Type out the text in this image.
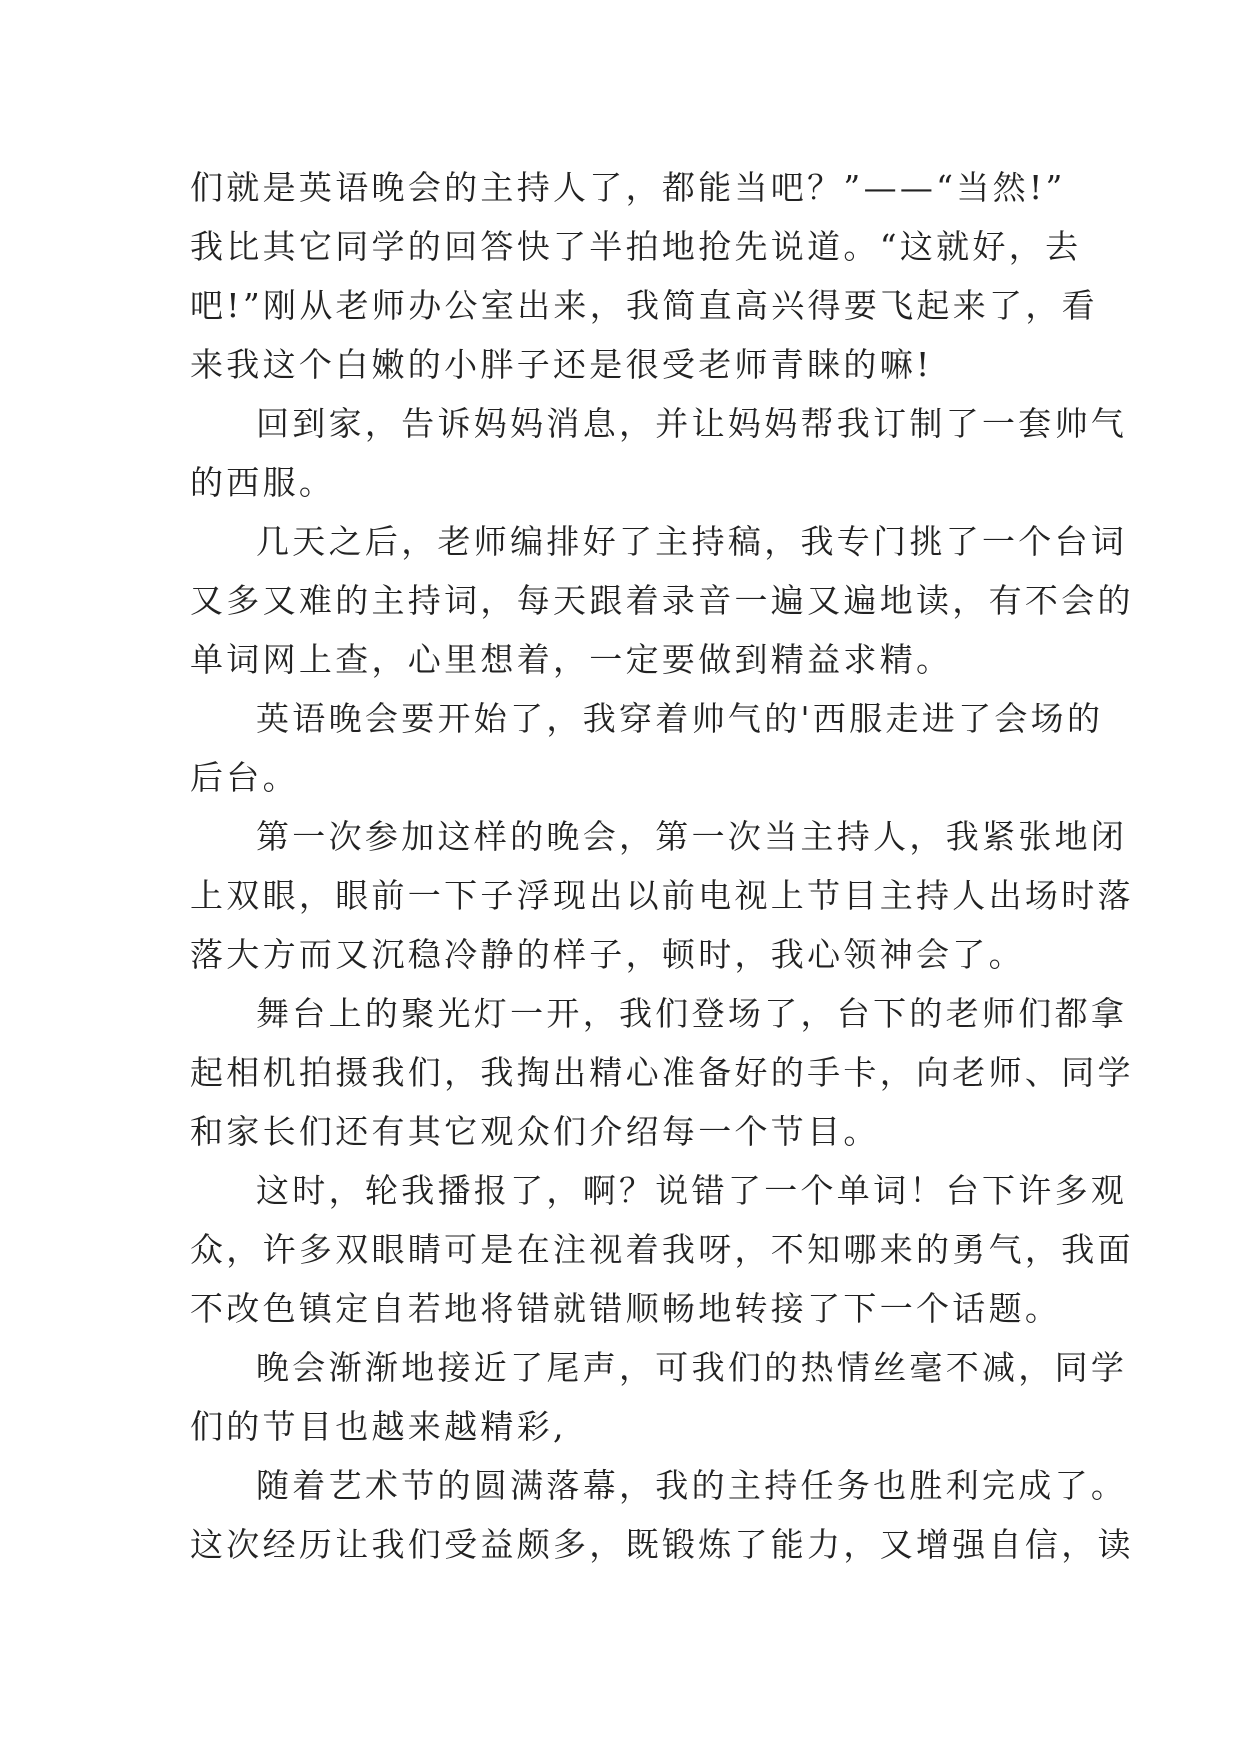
们就是英语晚会的主持人了，都能当吧？”——“当然!”
我比其它同学的回答快了半拍地抢先说道。“这就好，去
吧!”刚从老师办公室出来，我简直高兴得要飞起来了，看
来我这个白嫩的小胖子还是很受老师青睐的嘛!
回到家，告诉妈妈消息，并让妈妈帮我订制了一套帅气
的西服。
几天之后，老师编排好了主持稿，我专门挑了一个台词
又多又难的主持词，每天跟着录音一遍又遍地读，有不会的
单词网上查，心里想着，一定要做到精益求精。
英语晚会要开始了，我穿着帅气的'西服走进了会场的
后台。
第一次参加这样的晚会，第一次当主持人，我紧张地闭
上双眼，眼前一下子浮现出以前电视上节目主持人出场时落
落大方而又沉稳冷静的样子，顿时，我心领神会了。
舞台上的聚光灯一开，我们登场了，台下的老师们都拿
起相机拍摄我们，我掏出精心准备好的手卡，向老师、同学
和家长们还有其它观众们介绍每一个节目。
这时，轮我播报了，啊？说错了一个单词！台下许多观
众，许多双眼睛可是在注视着我呀，不知哪来的勇气，我面
不改色镇定自若地将错就错顺畅地转接了下一个话题。
晚会渐渐地接近了尾声，可我们的热情丝毫不减，同学
们的节目也越来越精彩,
随着艺术节的圆满落幕，我的主持任务也胜利完成了。
这次经历让我们受益颇多，既锻炼了能力，又增强自信，读
